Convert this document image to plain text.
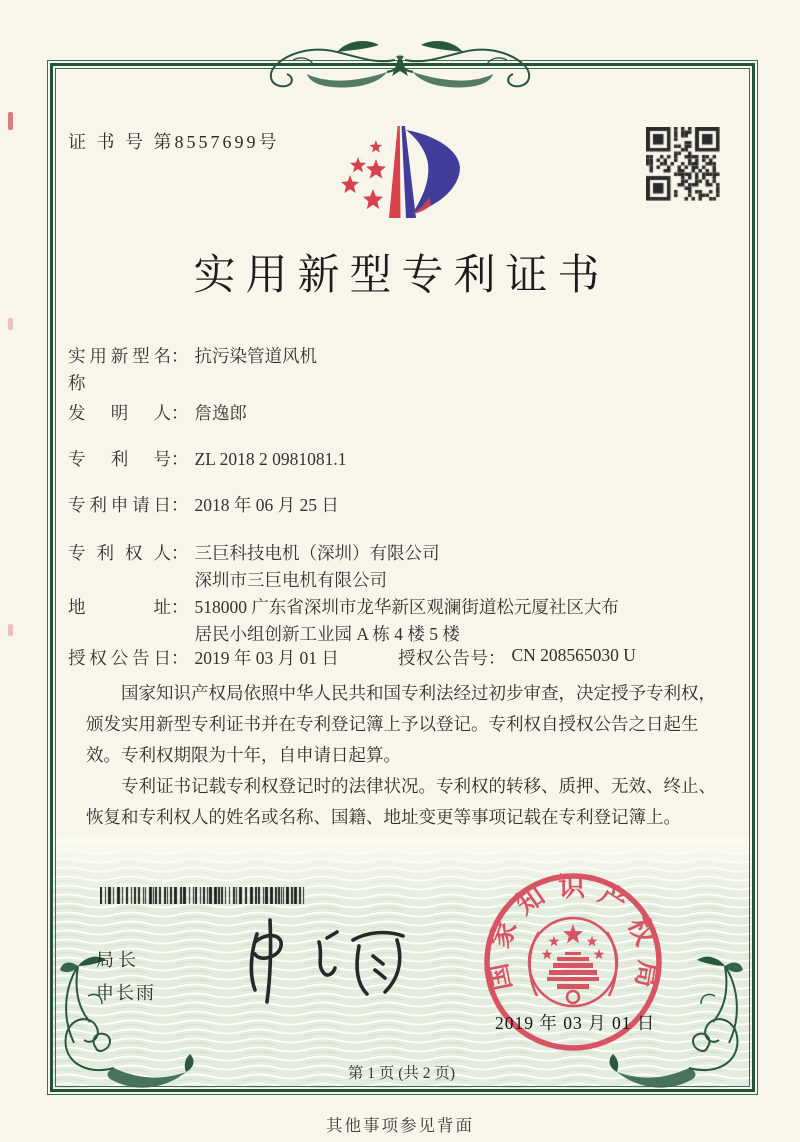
证 书 号 第8557699号
实用新型专利证书
实用新型名称
： 抗污染管道风机
发明人 ： 詹逸郎
专利号 ： ZL 2018 2 0981081.1
专利申请日 ： 2018 年 06 月 25 日
专利权人 ： 三巨科技电机（深圳）有限公司
深圳市三巨电机有限公司
地址 ： 518000 广东省深圳市龙华新区观澜街道松元厦社区大布
居民小组创新工业园 A 栋 4 楼 5 楼
授权公告日 ： 2019 年 03 月 01 日	授权公告号 ： CN 208565030 U

国家知识产权局依照中华人民共和国专利法经过初步审查，决定授予专利权，颁发实用新型专利证书并在专利登记簿上予以登记。专利权自授权公告之日起生效。专利权期限为十年，自申请日起算。

专利证书记载专利权登记时的法律状况。专利权的转移、质押、无效、终止、恢复和专利权人的姓名或名称、国籍、地址变更等事项记载在专利登记簿上。

局长
申长雨	国家知识产权局
2019 年 03 月 01 日
第 1 页 (共 2 页)
其他事项参见背面
